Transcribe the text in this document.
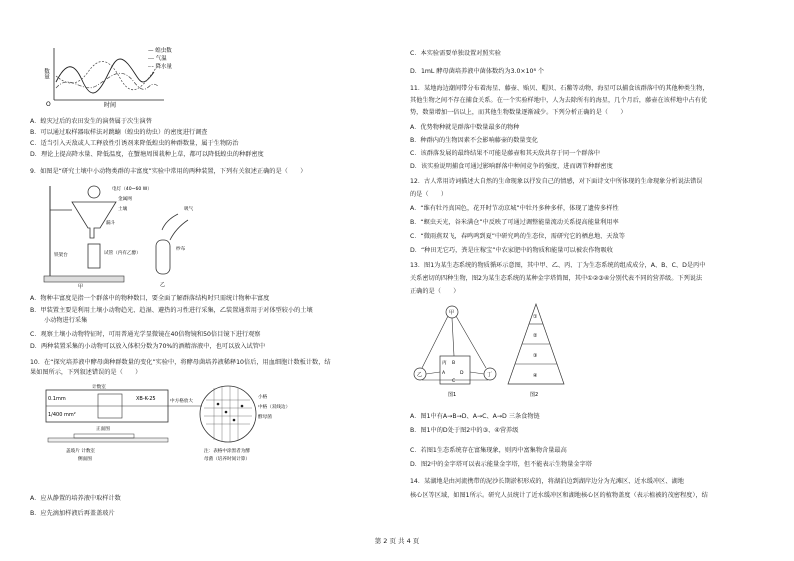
数量
O	时间
— 蝗虫数
--- 气温
-·- 降水量
A．蝗灾过后的农田发生的演替属于次生演替
B．可以通过取样器取样法对跳蝻（蝗虫的幼虫）的密度进行调查
C．适当引入天敌或人工释放性引诱剂来降低蝗虫的种群数量，属于生物防治
D．理论上提高降水量、降低温度，在蟹塘周围栽种上草，都可以降低蝗虫的种群密度
9．如图是“研究土壤中小动物类群的丰富度”实验中常用的两种装置，下列有关叙述正确的是（　　）
电灯（40~60 W）
金属网
土壤
漏斗
试管（内有乙醇）
铁架台
吸气
纱布
甲	乙
A．物种丰富度是指一个群落中的物种数目，要全面了解群落结构时只需统计物种丰富度
B．甲装置主要是利用土壤小动物趋光、趋湿、避热的习性进行采集，乙装置通常用于对体型较小的土壤
小动物进行采集
C．观察土壤小动物特征时，可用普通光学显微镜在40倍物镜和50倍目镜下进行观察
D．两种装置采集的小动物可以放入体积分数为70%的酒精溶液中，也可以放入试管中
10．在“探究培养液中酵母菌种群数量的变化”实验中，将酵母菌培养液稀释10倍后，用血细胞计数板计数，结
果如图所示，下列叙述错误的是（　　）
0.1mm
1/400 mm²
XB-K-25
计数室
正面图
盖玻片 计数室
侧面图
中方格放大
小格
中格（双线边）
酵母菌
注：表格中涂黑者为酵
母菌（培养时间计算）
A．应从静置的培养液中取样计数
B．应先滴加样液后再盖盖玻片
C．本实验需要单独设置对照实验
D．1mL 酵母菌培养液中菌体数约为3.0×10⁸ 个
11．某地海边潮间带分布着海星、藤壶、贻贝、帽贝、石鳖等动物，海星可以捕食该群落中的其他种类生物，
其他生物之间不存在捕食关系。在一个实验样地中，人为去除所有的海星，几个月后，藤壶在该样地中占有优
势，数量增加一倍以上，而其他生物数量逐渐减少。下列分析正确的是（　　）
A．优势物种就是群落中数量最多的物种
B．种群内的生物因素不会影响藤壶的数量变化
C．该群落发展的最终结果不可能是藤壶和其天敌共存于同一个群落中
D．该实验说明捕食可通过影响群落中种间竞争的强度，进而调节种群密度
12．古人常用诗词描述大自然的生命现象以抒发自己的情感，对下面诗文中所体现的生命现象分析说法错误
的是（　　）
A．“维有牡丹真国色，花开时节动京城”中牡丹多种多样，体现了遗传多样性
B．“螟虫天光，谷米满仓”中反映了可通过调整能量流动关系提高能量利用率
C．“微雨燕双飞，春鸣鸣到夏”中研究鸣的生态位，需研究它的栖息地、天敌等
D．“种田无它巧，粪是庄稼宝”中农家肥中的物质和能量可以被农作物吸收
13．图1为某生态系统的物质循环示意图，其中甲、乙、丙、丁为生态系统的组成成分，A、B、C、D是丙中
关系密切的四种生物，图2为某生态系统的某种金字塔简图，其中①②③④分别代表不同的营养级。下列说法
正确的是（　　）
甲
乙
丙 B
A	D
C
丁
图1
①
②
③
④
图2
A．图1中有A→B→D、A→C、A→D 三条食物链
B．图1中的D处于图2中的③、④营养级
C．若图1生态系统存在富集现象，则丙中富集物含量最高
D．图2中的金字塔可以表示能量金字塔，但不能表示生物量金字塔
14．某湖地是由河流携带的泥沙长期淤积形成的，将湖泊边到湖岸边分为光滩区、近水缓冲区、湖地
核心区等区域，如图1所示。研究人员统计了近水缓冲区和湖地核心区的植物盖度（表示植被的茂密程度），结
第 2 页 共 4 页
